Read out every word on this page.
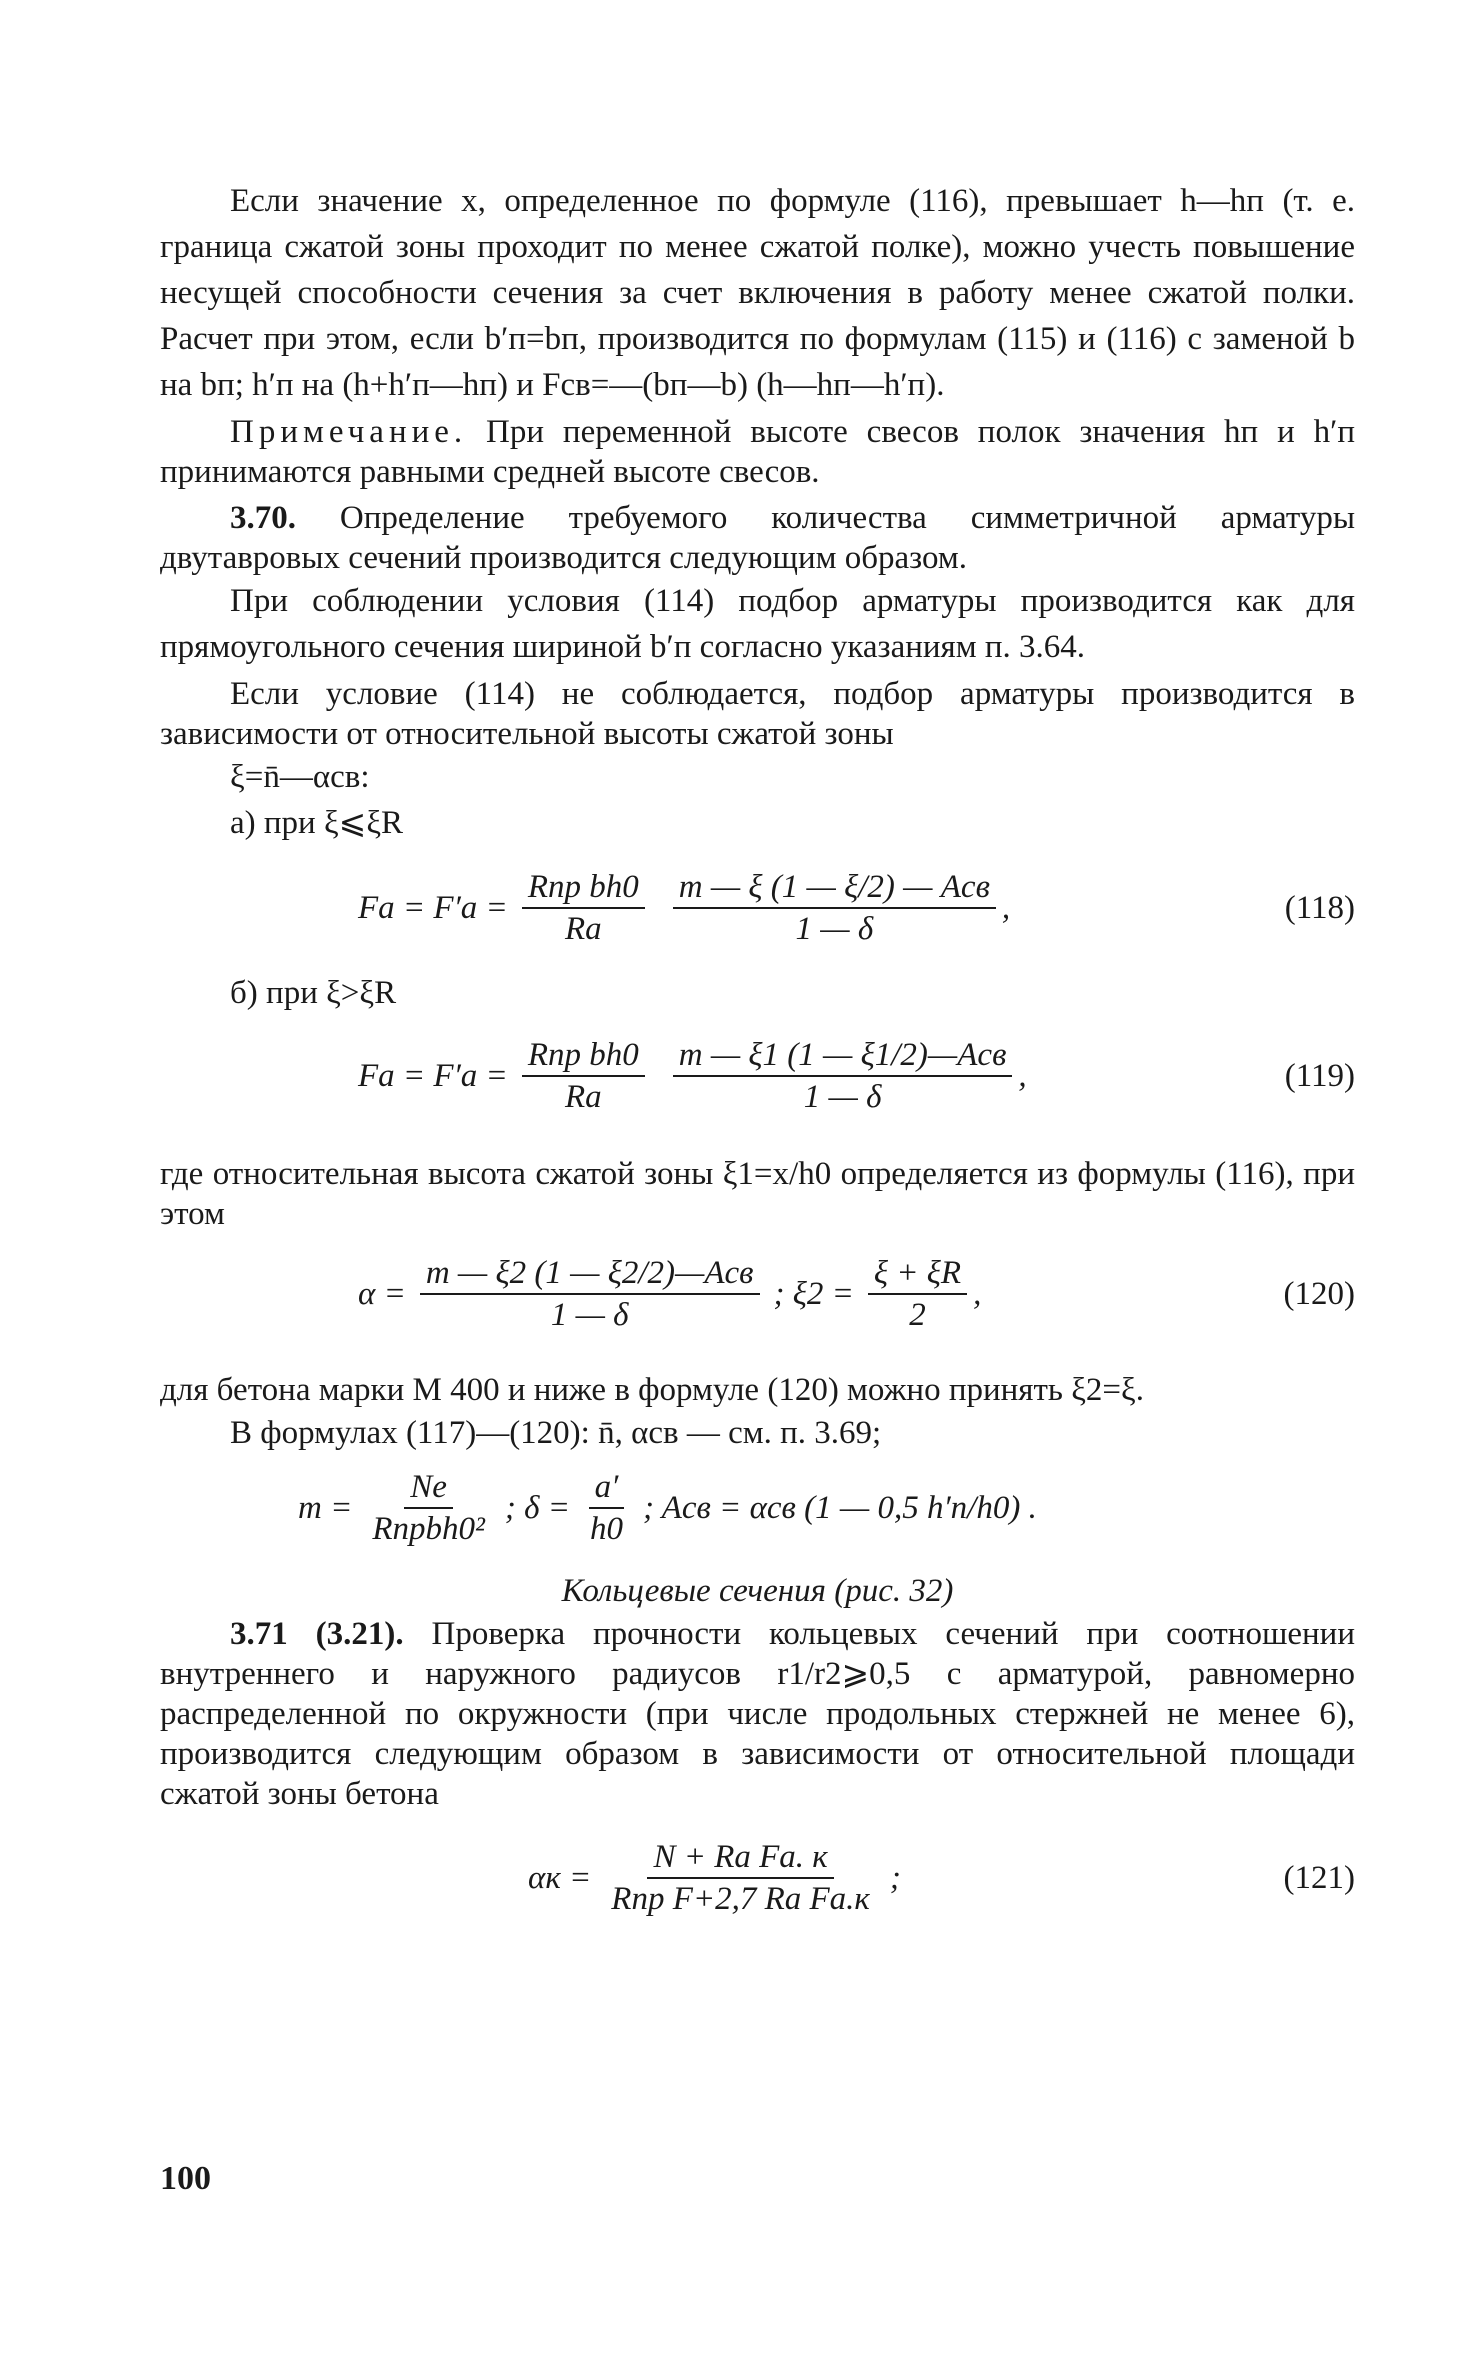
Если значение x, определенное по формуле (116), превышает h—hп (т. е. граница сжатой зоны проходит по менее сжатой полке), можно учесть повышение несущей способности сечения за счет включения в работу менее сжатой полки. Расчет при этом, если b′п=bп, производится по формулам (115) и (116) с заменой b на bп; h′п на (h+h′п—hп) и Fсв=—(bп—b) (h—hп—h′п).

Примечание. При переменной высоте свесов полок значения hп и h′п принимаются равными средней высоте свесов.

3.70. Определение требуемого количества симметричной арматуры двутавровых сечений производится следующим образом.

При соблюдении условия (114) подбор арматуры производится как для прямоугольного сечения шириной b′п согласно указаниям п. 3.64.

Если условие (114) не соблюдается, подбор арматуры производится в зависимости от относительной высоты сжатой зоны

ξ=n̄—αсв:

а) при ξ⩽ξR

Fа = $F'а = \frac{\text{Rпр bh0}}{Rа} \frac{\text{m — ξ (1 — ξ/2) — Aсв}}{1 — \delta}$ ,	(118)

б) при ξ>ξR

Fа = $F'а = \frac{\text{Rпр bh0}}{Rа} \frac{\text{m — ξ1 (1 — ξ1/2)—Aсв}}{1 — \delta}$ ,	(119)

где относительная высота сжатой зоны ξ1=x/h0 определяется из формулы (116), при этом

$\alpha = \frac{\text{m — ξ2 (1 — ξ2/2)—Aсв}}{1 — \delta}$ ; $\xi 2 = \frac{\xi + \xi R}{2}$ ,	(120)

для бетона марки М 400 и ниже в формуле (120) можно принять ξ2=ξ.

В формулах (117)—(120): n̄, αсв — см. п. 3.69;

$m = \frac{Ne}{\text{Rпрbh0²}}$ ; $\delta = \frac{a'}{h0}$ ; Aсв = αсв (1 — 0,5 h′п/h0) .

Кольцевые сечения (рис. 32)

3.71 (3.21). Проверка прочности кольцевых сечений при соотношении внутреннего и наружного радиусов r1/r2⩾0,5 с арматурой, равномерно распределенной по окружности (при числе продольных стержней не менее 6), производится следующим образом в зависимости от относительной площади сжатой зоны бетона

$\alpha к = \frac{\text{N + Rа Fа. к}}{\text{Rпр F+2,7 Rа Fа.к}}$ ;	(121)
100
